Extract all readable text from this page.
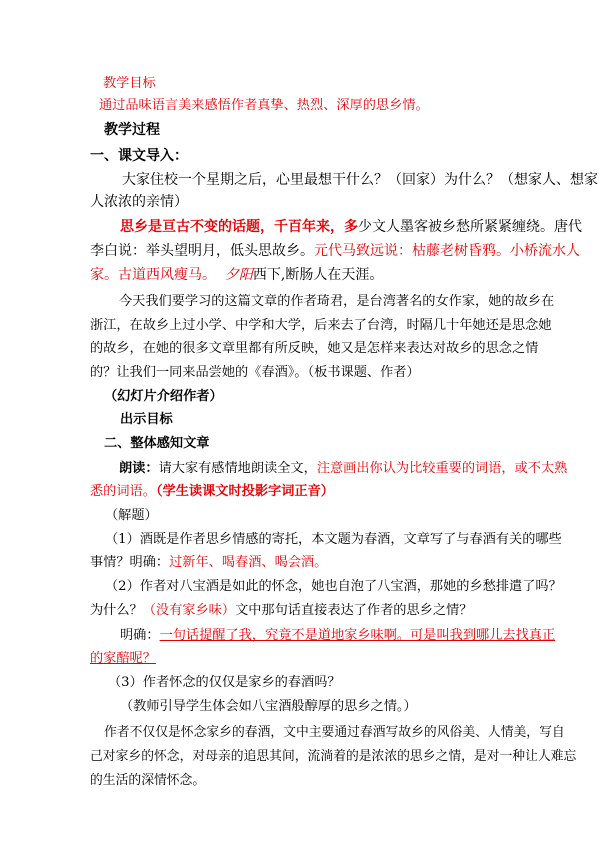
教学目标
通过品味语言美来感悟作者真挚、热烈、深厚的思乡情。
教学过程
一、课文导入：
大家住校一个星期之后，心里最想干什么？（回家）为什么？（想家人、想家
人浓浓的亲情）
思乡是亘古不变的话题，千百年来，多少文人墨客被乡愁所紧紧缠绕。唐代
李白说：举头望明月，低头思故乡。元代马致远说：枯藤老树昏鸦。小桥流水人
家。古道西风瘦马。 夕阳西下,断肠人在天涯。
今天我们要学习的这篇文章的作者琦君，是台湾著名的女作家，她的故乡在
浙江，在故乡上过小学、中学和大学，后来去了台湾，时隔几十年她还是思念她
的故乡，在她的很多文章里都有所反映，她又是怎样来表达对故乡的思念之情
的？让我们一同来品尝她的《春酒》。（板书课题、作者）
（幻灯片介绍作者）
出示目标
二、整体感知文章
朗读：请大家有感情地朗读全文，注意画出你认为比较重要的词语，或不太熟
悉的词语。（学生读课文时投影字词正音）
（解题）
（1）酒既是作者思乡情感的寄托，本文题为春酒，文章写了与春酒有关的哪些
事情？明确：过新年、喝春酒、喝会酒。
（2）作者对八宝酒是如此的怀念，她也自泡了八宝酒，那她的乡愁排遣了吗？
为什么？（没有家乡味）文中那句话直接表达了作者的思乡之情？
明确：一句话提醒了我，究竟不是道地家乡味啊。可是叫我到哪儿去找真正
的家醅呢？
（3）作者怀念的仅仅是家乡的春酒吗？
（教师引导学生体会如八宝酒般醇厚的思乡之情。）
作者不仅仅是怀念家乡的春酒，文中主要通过春酒写故乡的风俗美、人情美，写自
己对家乡的怀念，对母亲的追思其间，流淌着的是浓浓的思乡之情，是对一种让人难忘
的生活的深情怀念。
